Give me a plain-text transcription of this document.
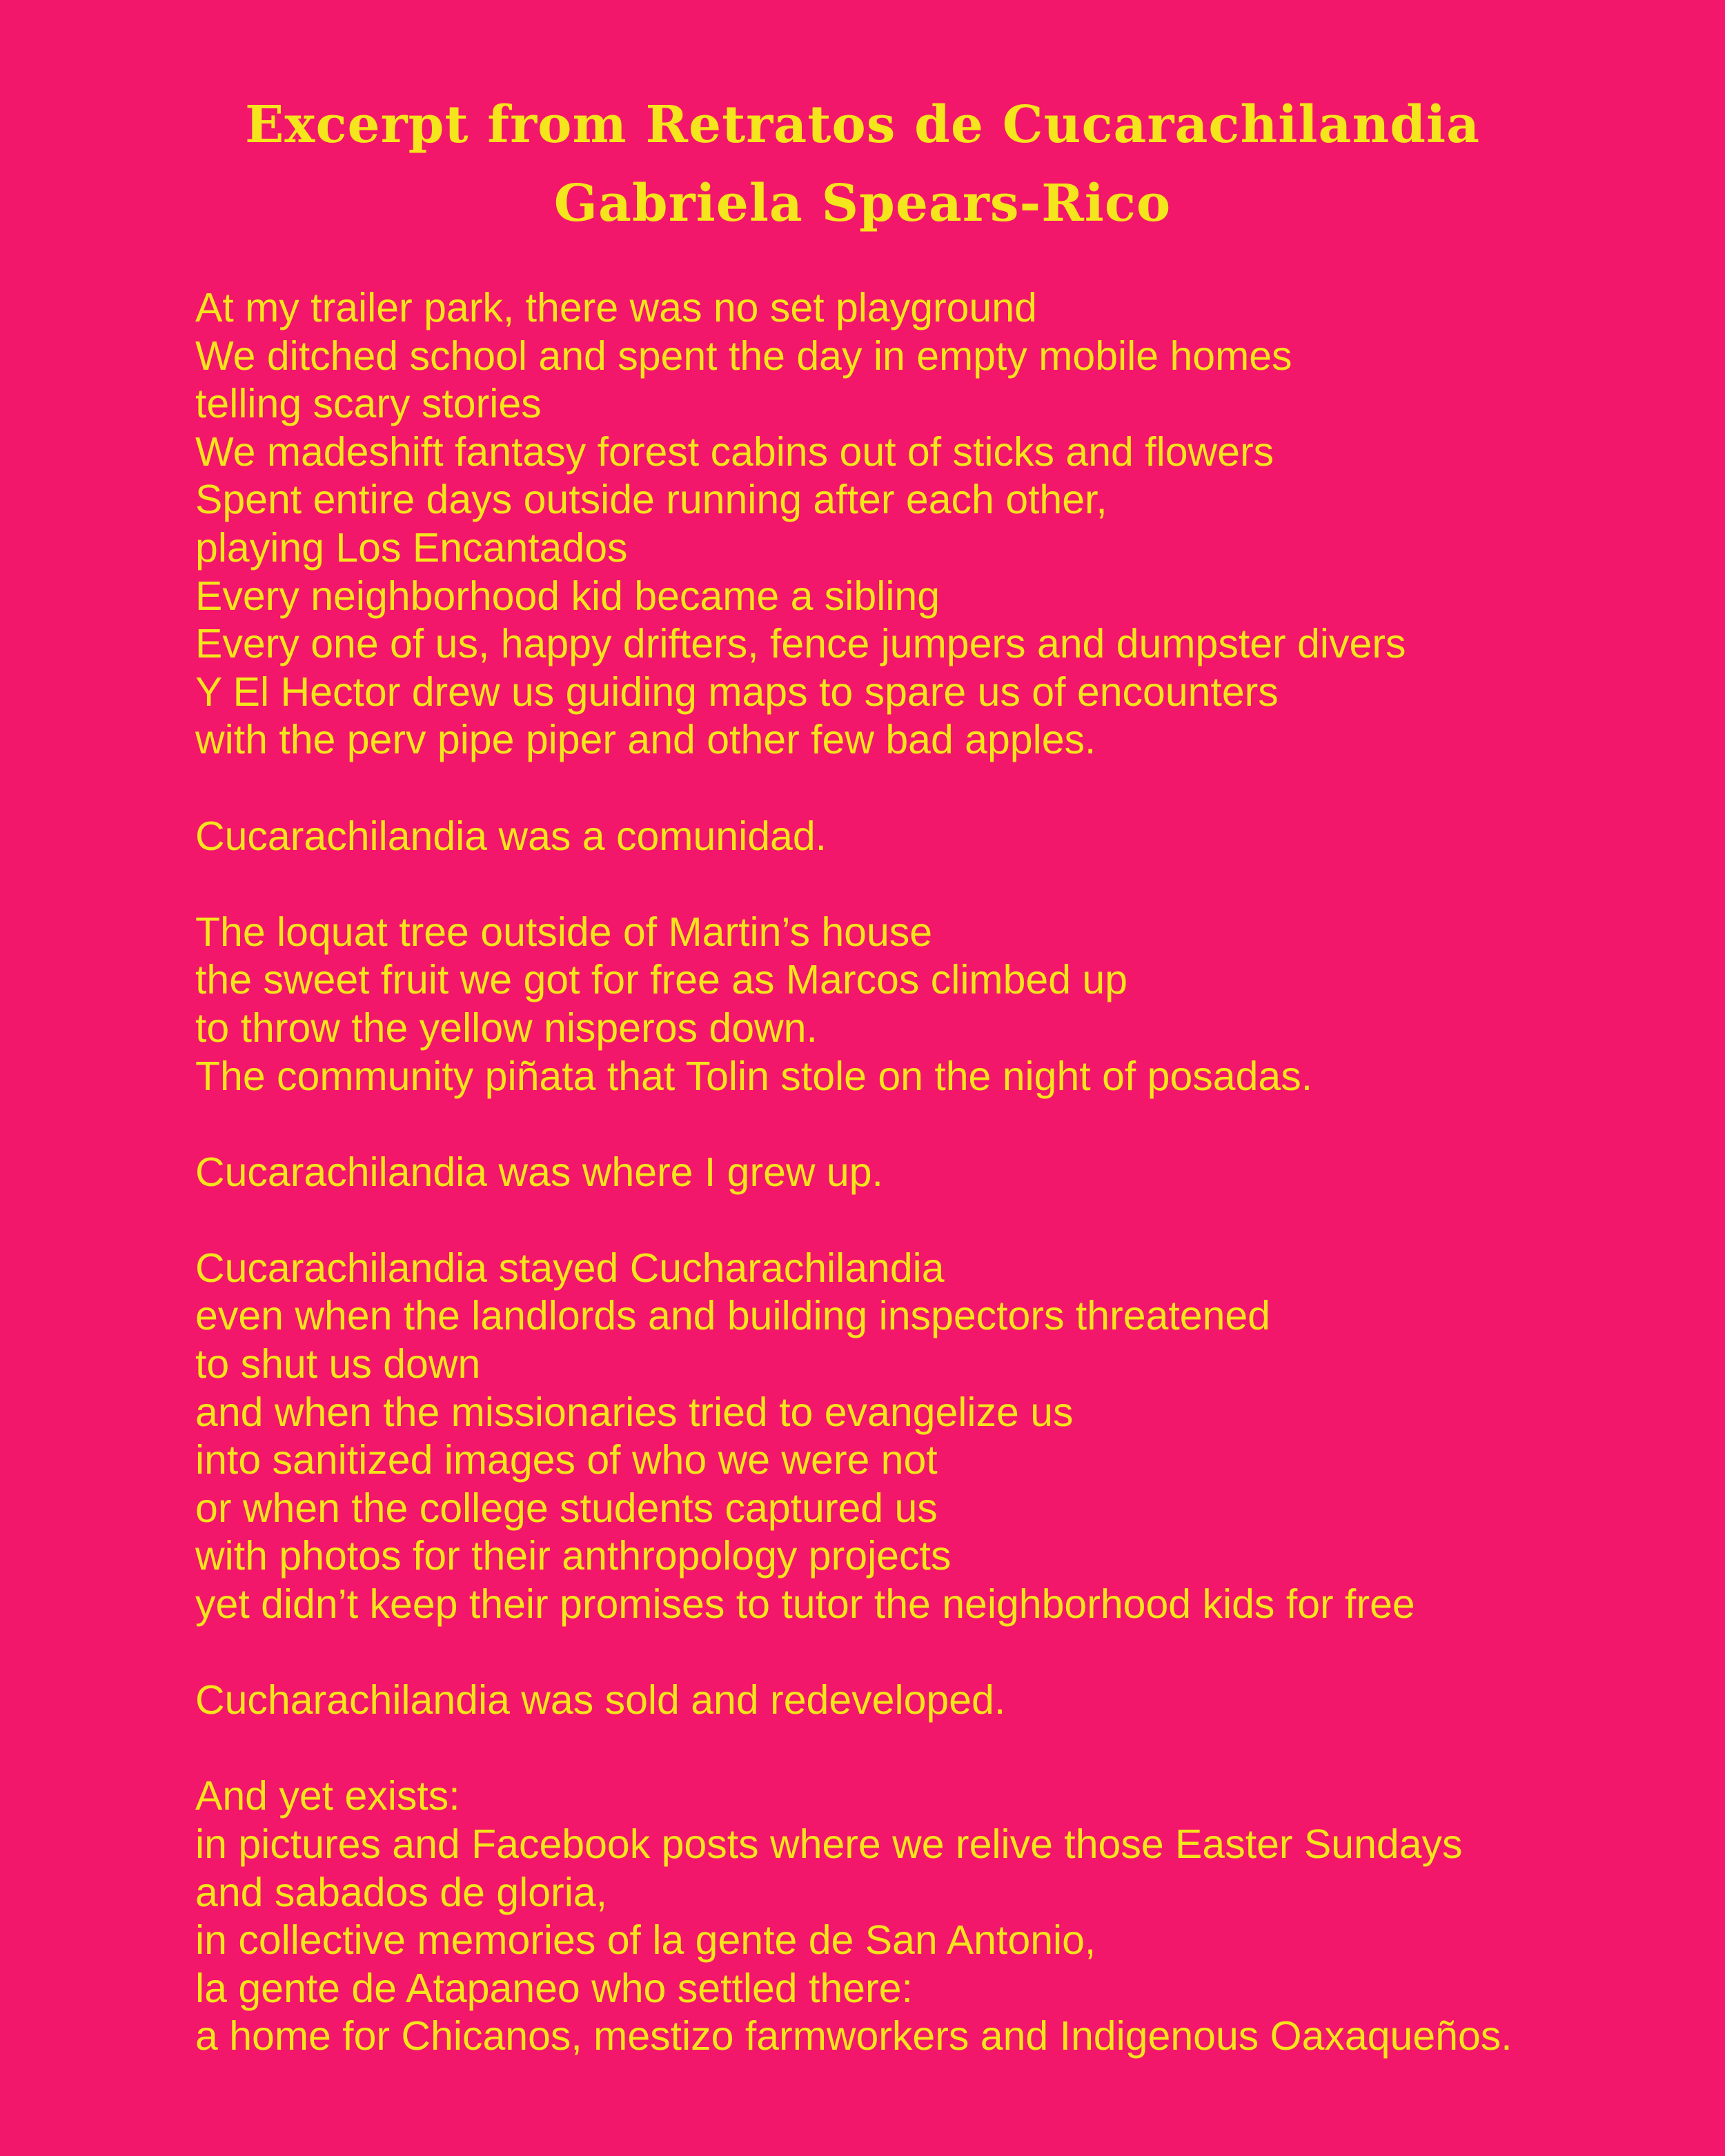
Excerpt from Retratos de Cucarachilandia
Gabriela Spears-Rico
At my trailer park, there was no set playground
We ditched school and spent the day in empty mobile homes
telling scary stories
We madeshift fantasy forest cabins out of sticks and flowers
Spent entire days outside running after each other,
playing Los Encantados
Every neighborhood kid became a sibling
Every one of us, happy drifters, fence jumpers and dumpster divers
Y El Hector drew us guiding maps to spare us of encounters
with the perv pipe piper and other few bad apples.
Cucarachilandia was a comunidad.
The loquat tree outside of Martin’s house
the sweet fruit we got for free as Marcos climbed up
to throw the yellow nisperos down.
The community piñata that Tolin stole on the night of posadas.
Cucarachilandia was where I grew up.
Cucarachilandia stayed Cucharachilandia
even when the landlords and building inspectors threatened
to shut us down
and when the missionaries tried to evangelize us
into sanitized images of who we were not
or when the college students captured us
with photos for their anthropology projects
yet didn’t keep their promises to tutor the neighborhood kids for free
Cucharachilandia was sold and redeveloped.
And yet exists:
in pictures and Facebook posts where we relive those Easter Sundays
and sabados de gloria,
in collective memories of la gente de San Antonio,
la gente de Atapaneo who settled there:
a home for Chicanos, mestizo farmworkers and Indigenous Oaxaqueños.
